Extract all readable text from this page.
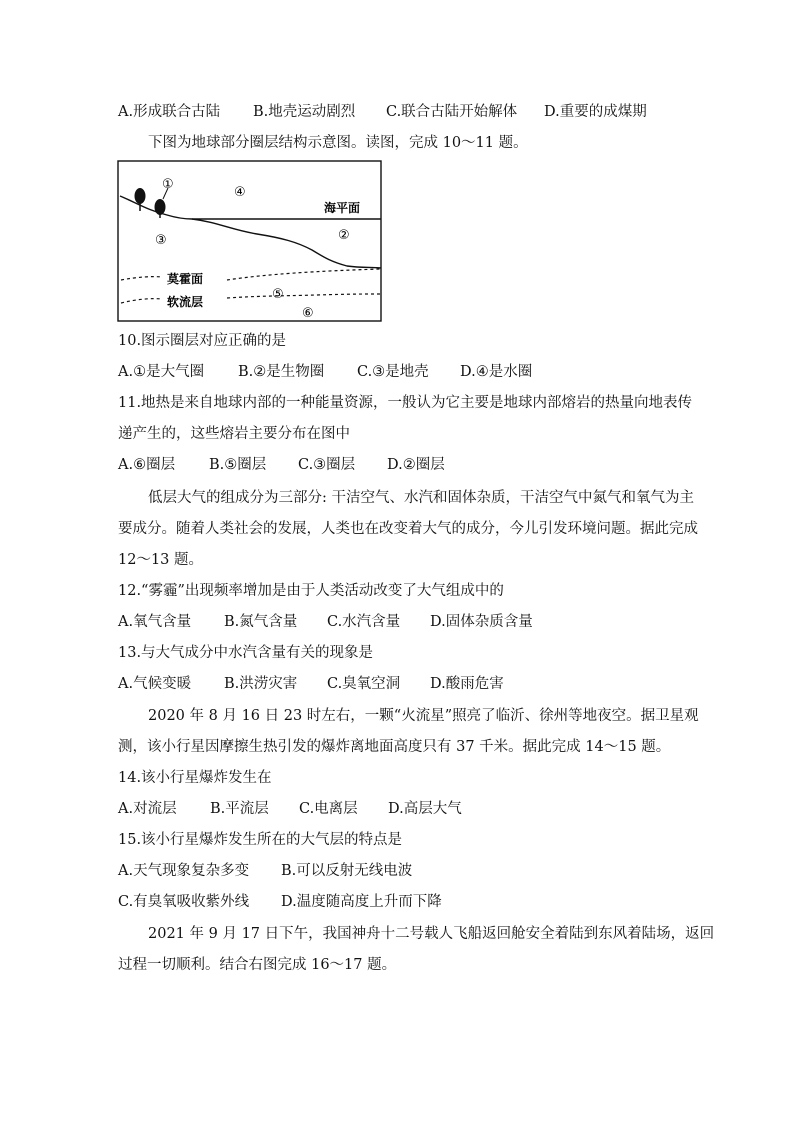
A.形成联合古陆 B.地壳运动剧烈 C.联合古陆开始解体 D.重要的成煤期
下图为地球部分圈层结构示意图。读图，完成 10～11 题。
①
④
海平面
③	②
莫霍面
⑤
软流层
⑥
10.图示圈层对应正确的是
A.①是大气圈 B.②是生物圈 C.③是地壳 D.④是水圈
11.地热是来自地球内部的一种能量资源，一般认为它主要是地球内部熔岩的热量向地表传
递产生的，这些熔岩主要分布在图中
A.⑥圈层 B.⑤圈层 C.③圈层 D.②圈层
低层大气的组成分为三部分: 干洁空气、水汽和固体杂质，干洁空气中氮气和氧气为主
要成分。随着人类社会的发展，人类也在改变着大气的成分，今儿引发环境问题。据此完成
12～13 题。
12.“雾霾”出现频率增加是由于人类活动改变了大气组成中的
A.氧气含量 B.氮气含量 C.水汽含量 D.固体杂质含量
13.与大气成分中水汽含量有关的现象是
A.气候变暖 B.洪涝灾害 C.臭氧空洞 D.酸雨危害
2020 年 8 月 16 日 23 时左右，一颗“火流星”照亮了临沂、徐州等地夜空。据卫星观
测，该小行星因摩擦生热引发的爆炸离地面高度只有 37 千米。据此完成 14～15 题。
14.该小行星爆炸发生在
A.对流层 B.平流层 C.电离层 D.高层大气
15.该小行星爆炸发生所在的大气层的特点是
A.天气现象复杂多变 B.可以反射无线电波
C.有臭氧吸收紫外线 D.温度随高度上升而下降
2021 年 9 月 17 日下午，我国神舟十二号载人飞船返回舱安全着陆到东风着陆场，返回
过程一切顺利。结合右图完成 16～17 题。
